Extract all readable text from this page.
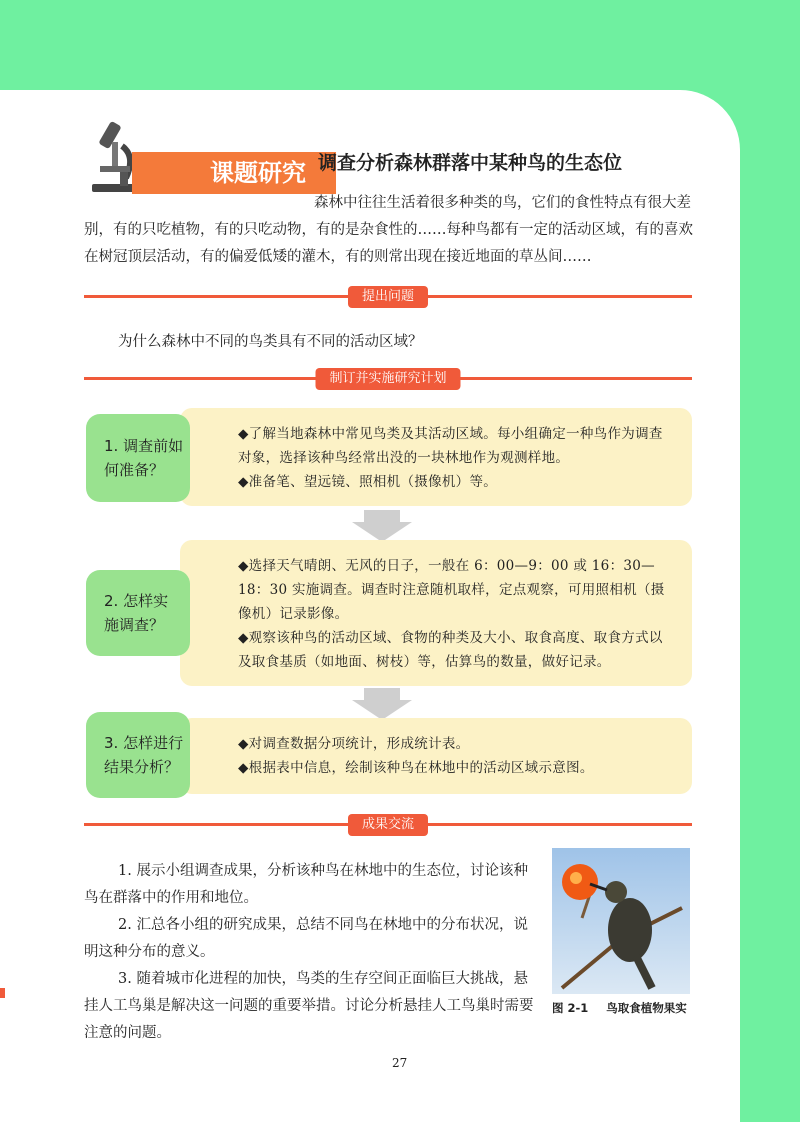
课题研究 调查分析森林群落中某种鸟的生态位
森林中往往生活着很多种类的鸟，它们的食性特点有很大差别，有的只吃植物，有的只吃动物，有的是杂食性的……每种鸟都有一定的活动区域，有的喜欢在树冠顶层活动，有的偏爱低矮的灌木，有的则常出现在接近地面的草丛间……
提出问题
为什么森林中不同的鸟类具有不同的活动区域？
制订并实施研究计划

◆了解当地森林中常见鸟类及其活动区域。每小组确定一种鸟作为调查对象，选择该种鸟经常出没的一块林地作为观测样地。

◆准备笔、望远镜、照相机（摄像机）等。

1. 调查前如
何准备？

◆选择天气晴朗、无风的日子，一般在 6：00—9：00 或 16：30—18：30 实施调查。调查时注意随机取样，定点观察，可用照相机（摄像机）记录影像。

◆观察该种鸟的活动区域、食物的种类及大小、取食高度、取食方式以及取食基质（如地面、树枝）等，估算鸟的数量，做好记录。

2. 怎样实
施调查？

◆对调查数据分项统计，形成统计表。

◆根据表中信息，绘制该种鸟在林地中的活动区域示意图。

3. 怎样进行
结果分析？
成果交流

1. 展示小组调查成果，分析该种鸟在林地中的生态位，讨论该种鸟在群落中的作用和地位。

2. 汇总各小组的研究成果，总结不同鸟在林地中的分布状况，说明这种分布的意义。

3. 随着城市化进程的加快，鸟类的生存空间正面临巨大挑战，悬挂人工鸟巢是解决这一问题的重要举措。讨论分析悬挂人工鸟巢时需要注意的问题。

图 2-1 鸟取食植物果实
27
